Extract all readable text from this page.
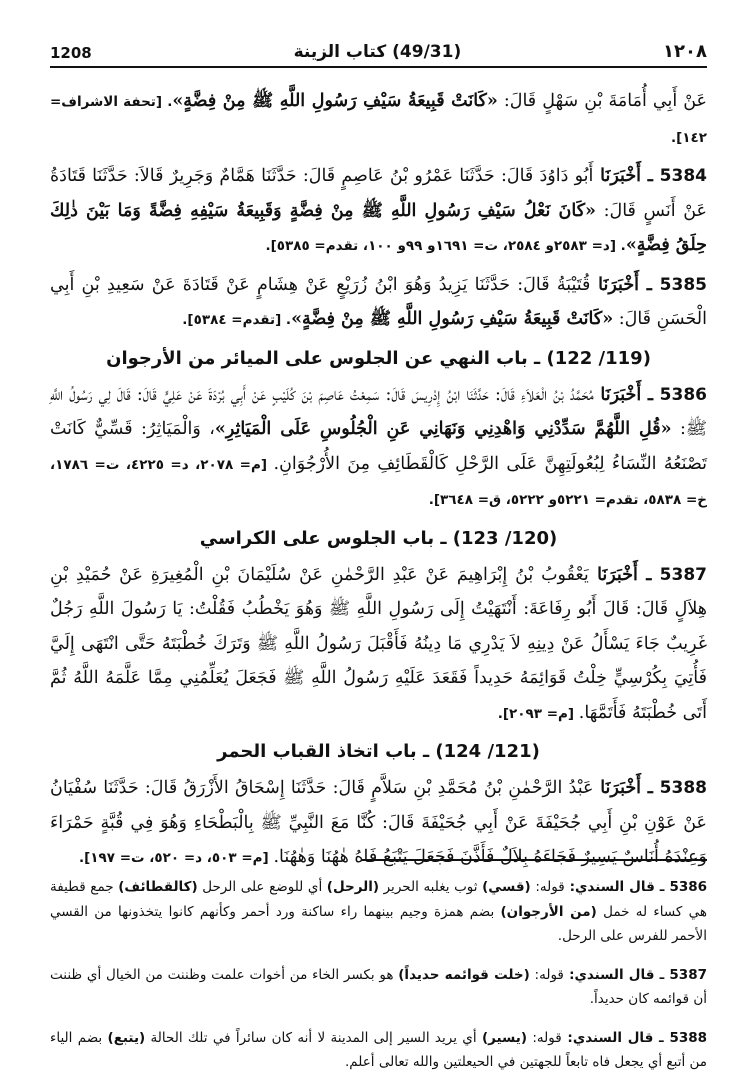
1208	(49/31) كتاب الزينة	١٢٠٨

عَنْ أَبِي أُمَامَةَ بْنِ سَهْلٍ قَالَ: «كَانَتْ قَبِيعَةُ سَيْفِ رَسُولِ اللَّهِ ﷺ مِنْ فِضَّةٍ». [تحفة الاشراف= ١٤٢].

5384 ـ أَخْبَرَنَا أَبُو دَاوُدَ قَالَ: حَدَّثَنَا عَمْرُو بْنُ عَاصِمٍ قَالَ: حَدَّثَنَا هَمَّامٌ وَجَرِيرٌ قَالاَ: حَدَّثَنَا قَتَادَةُ عَنْ أَنَسٍ قَالَ: «كَانَ نَعْلُ سَيْفِ رَسُولِ اللَّهِ ﷺ مِنْ فِضَّةٍ وَقَبِيعَةُ سَيْفِهِ فِضَّةً وَمَا بَيْنَ ذٰلِكَ حِلَقُ فِضَّةٍ». [د= ٢٥٨٣و ٢٥٨٤، ت= ١٦٩١و ٩٩و ١٠٠، تقدم= ٥٣٨٥].

5385 ـ أَخْبَرَنَا قُتَيْبَةُ قَالَ: حَدَّثَنَا يَزِيدُ وَهُوَ ابْنُ زُرَيْعٍ عَنْ هِشَامٍ عَنْ قَتَادَةَ عَنْ سَعِيدِ بْنِ أَبِي الْحَسَنِ قَالَ: «كَانَتْ قَبِيعَةُ سَيْفِ رَسُولِ اللَّهِ ﷺ مِنْ فِضَّةٍ». [تقدم= ٥٣٨٤].

(119/ 122) ـ باب النهي عن الجلوس على الميائر من الأرجوان

5386 ـ أَخْبَرَنَا مُحَمَّدُ بْنُ الْعَلاَءِ قَالَ: حَدَّثَنَا ابْنُ إِدْرِيسَ قَالَ: سَمِعْتُ عَاصِمَ بْنَ كُلَيْبٍ عَنْ أَبِي بُرْدَةَ عَنْ عَلِيٍّ قَالَ: قَالَ لِي رَسُولُ اللَّهِ ﷺ: «قُلِ اللَّهُمَّ سَدِّدْنِي وَاهْدِنِي وَنَهَانِي عَنِ الْجُلُوسِ عَلَى الْمَيَاثِرِ»، وَالْمَيَاثِرُ: قَسِّيٌّ كَانَتْ تَصْنَعُهُ النِّسَاءُ لِبُعُولَتِهِنَّ عَلَى الرَّحْلِ كَالْقَطَائِفِ مِنَ الأُرْجُوَانِ. [م= ٢٠٧٨، د= ٤٢٢٥، ت= ١٧٨٦، خ= ٥٨٣٨، تقدم= ٥٢٢١و ٥٢٢٢، ق= ٣٦٤٨].

(120/ 123) ـ باب الجلوس على الكراسي

5387 ـ أَخْبَرَنَا يَعْقُوبُ بْنُ إِبْرَاهِيمَ عَنْ عَبْدِ الرَّحْمٰنِ عَنْ سُلَيْمَانَ بْنِ الْمُغِيرَةِ عَنْ حُمَيْدِ بْنِ هِلاَلٍ قَالَ: قَالَ أَبُو رِفَاعَةَ: أَنْتَهَيْتُ إِلَى رَسُولِ اللَّهِ ﷺ وَهُوَ يَخْطُبُ فَقُلْتُ: يَا رَسُولَ اللَّهِ رَجُلٌ غَرِيبٌ جَاءَ يَسْأَلُ عَنْ دِينِهِ لاَ يَدْرِي مَا دِينُهُ فَأَقْبَلَ رَسُولُ اللَّهِ ﷺ وَتَرَكَ خُطْبَتَهُ حَتَّى انْتَهَى إِلَيَّ فَأُتِيَ بِكُرْسِيٍّ خِلْتُ قَوَائِمَهُ حَدِيداً فَقَعَدَ عَلَيْهِ رَسُولُ اللَّهِ ﷺ فَجَعَلَ يُعَلِّمُنِي مِمَّا عَلَّمَهُ اللَّهُ ثُمَّ أَتَى خُطْبَتَهُ فَأَتَمَّهَا. [م= ٢٠٩٣].

(121/ 124) ـ باب اتخاذ القباب الحمر

5388 ـ أَخْبَرَنَا عَبْدُ الرَّحْمٰنِ بْنُ مُحَمَّدِ بْنِ سَلاَّمٍ قَالَ: حَدَّثَنَا إِسْحَاقُ الأَزْرَقُ قَالَ: حَدَّثَنَا سُفْيَانُ عَنْ عَوْنِ بْنِ أَبِي جُحَيْفَةَ عَنْ أَبِي جُحَيْفَةَ قَالَ: كُنَّا مَعَ النَّبِيِّ ﷺ بِالْبَطْحَاءِ وَهُوَ فِي قُبَّةٍ حَمْرَاءَ وَعِنْدَهُ أُنَاسٌ يَسِيرٌ فَجَاءَهُ بِلاَلٌ فَأَذَّنَ فَجَعَلَ يَتْبَعُ فَاهُ هٰهُنَا وَهٰهُنَا. [م= ٥٠٣، د= ٥٢٠، ت= ١٩٧].

5386 ـ قال السندي: قوله: (قسي) ثوب يغلبه الحرير (الرحل) أي للوضع على الرحل (كالقطائف) جمع قطيفة هي كساء له خمل (من الأرجوان) بضم همزة وجيم بينهما راء ساكنة ورد أحمر وكأنهم كانوا يتخذونها من القسي الأحمر للفرس على الرحل.

5387 ـ قال السندي: قوله: (خلت قوائمه حديداً) هو بكسر الخاء من أخوات علمت وظننت من الخيال أي ظننت أن قوائمه كان حديداً.

5388 ـ قال السندي: قوله: (يسير) أي يريد السير إلى المدينة لا أنه كان سائراً في تلك الحالة (يتبع) بضم الياء من أتبع أي يجعل فاه تابعاً للجهتين في الحيعلتين والله تعالى أعلم.
